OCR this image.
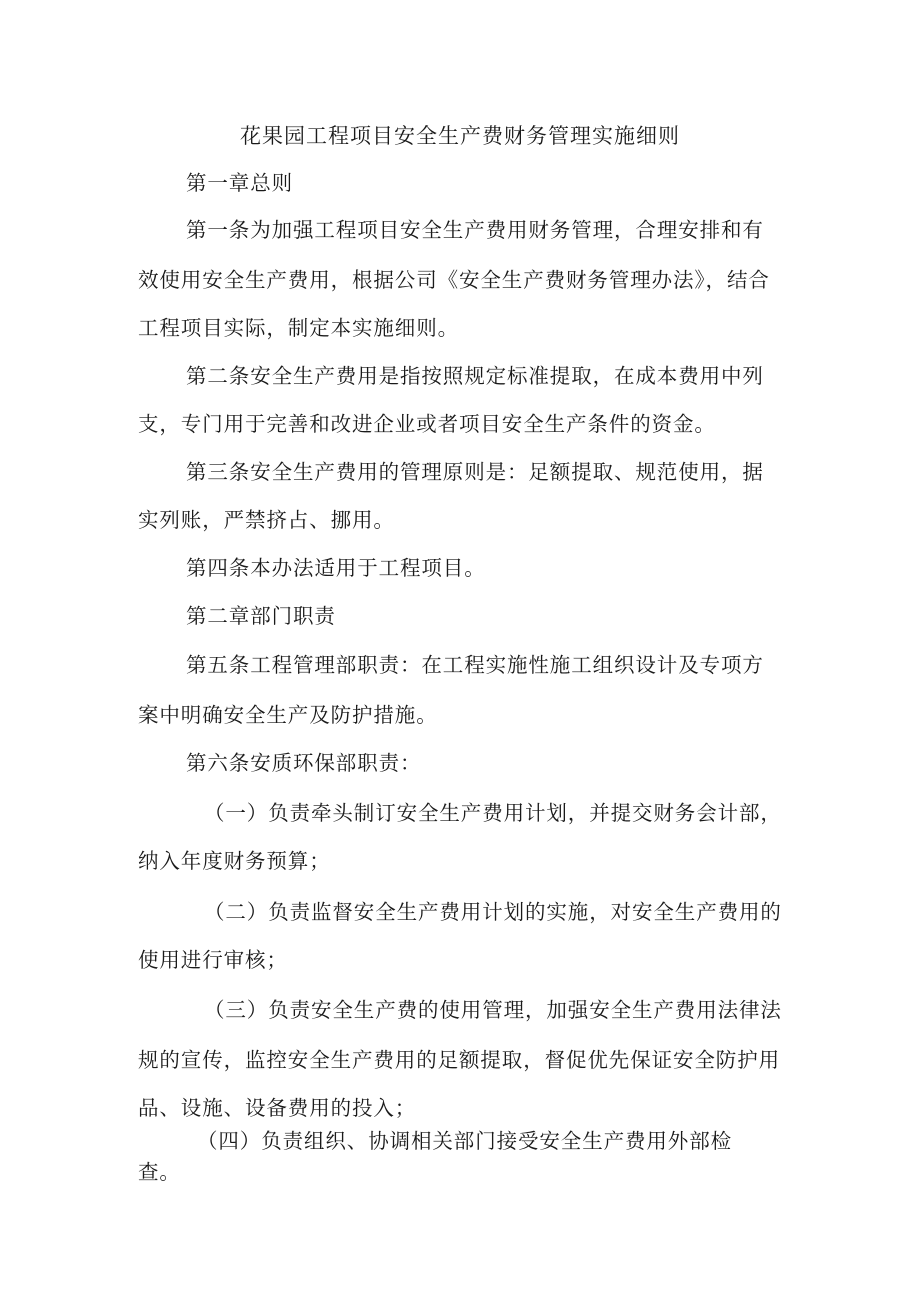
花果园工程项目安全生产费财务管理实施细则
第一章总则
第一条为加强工程项目安全生产费用财务管理，合理安排和有
效使用安全生产费用，根据公司《安全生产费财务管理办法》，结合
工程项目实际，制定本实施细则。
第二条安全生产费用是指按照规定标准提取，在成本费用中列
支，专门用于完善和改进企业或者项目安全生产条件的资金。
第三条安全生产费用的管理原则是：足额提取、规范使用，据
实列账，严禁挤占、挪用。
第四条本办法适用于工程项目。
第二章部门职责
第五条工程管理部职责：在工程实施性施工组织设计及专项方
案中明确安全生产及防护措施。
第六条安质环保部职责：
（一）负责牵头制订安全生产费用计划，并提交财务会计部，
纳入年度财务预算；
（二）负责监督安全生产费用计划的实施，对安全生产费用的
使用进行审核；
（三）负责安全生产费的使用管理，加强安全生产费用法律法
规的宣传，监控安全生产费用的足额提取，督促优先保证安全防护用
品、设施、设备费用的投入；
（四）负责组织、协调相关部门接受安全生产费用外部检
查。
